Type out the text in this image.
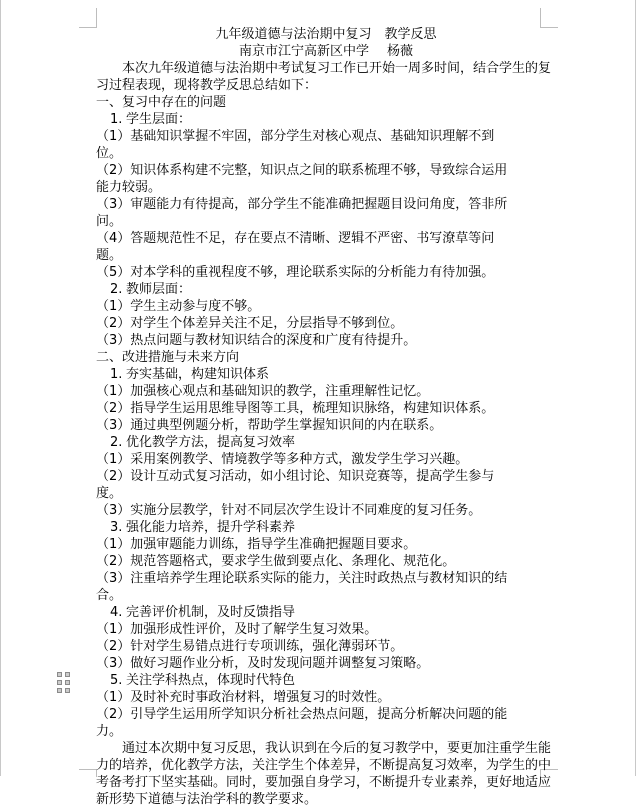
九年级道德与法治期中复习　教学反思
南京市江宁高新区中学 杨薇

本次九年级道德与法治期中考试复习工作已开始一周多时间，结合学生的复习过程表现，现将教学反思总结如下：

一、复习中存在的问题
1. 学生层面：

（1）基础知识掌握不牢固，部分学生对核心观点、基础知识理解不到位。

（2）知识体系构建不完整，知识点之间的联系梳理不够，导致综合运用能力较弱。

（3）审题能力有待提高，部分学生不能准确把握题目设问角度，答非所问。

（4）答题规范性不足，存在要点不清晰、逻辑不严密、书写潦草等问题。

（5）对本学科的重视程度不够，理论联系实际的分析能力有待加强。

2. 教师层面：

（1）学生主动参与度不够。

（2）对学生个体差异关注不足，分层指导不够到位。

（3）热点问题与教材知识结合的深度和广度有待提升。

二、改进措施与未来方向
1. 夯实基础，构建知识体系

（1）加强核心观点和基础知识的教学，注重理解性记忆。

（2）指导学生运用思维导图等工具，梳理知识脉络，构建知识体系。

（3）通过典型例题分析，帮助学生掌握知识间的内在联系。

2. 优化教学方法，提高复习效率

（1）采用案例教学、情境教学等多种方式，激发学生学习兴趣。

（2）设计互动式复习活动，如小组讨论、知识竞赛等，提高学生参与度。

（3）实施分层教学，针对不同层次学生设计不同难度的复习任务。

3. 强化能力培养，提升学科素养

（1）加强审题能力训练，指导学生准确把握题目要求。

（2）规范答题格式，要求学生做到要点化、条理化、规范化。

（3）注重培养学生理论联系实际的能力，关注时政热点与教材知识的结合。

4. 完善评价机制，及时反馈指导

（1）加强形成性评价，及时了解学生复习效果。

（2）针对学生易错点进行专项训练，强化薄弱环节。

（3）做好习题作业分析，及时发现问题并调整复习策略。

5. 关注学科热点，体现时代特色

（1）及时补充时事政治材料，增强复习的时效性。

（2）引导学生运用所学知识分析社会热点问题，提高分析解决问题的能力。

通过本次期中复习反思，我认识到在今后的复习教学中，要更加注重学生能力的培养，优化教学方法，关注学生个体差异，不断提高复习效率，为学生的中考备考打下坚实基础。同时，要加强自身学习，不断提升专业素养，更好地适应新形势下道德与法治学科的教学要求。
